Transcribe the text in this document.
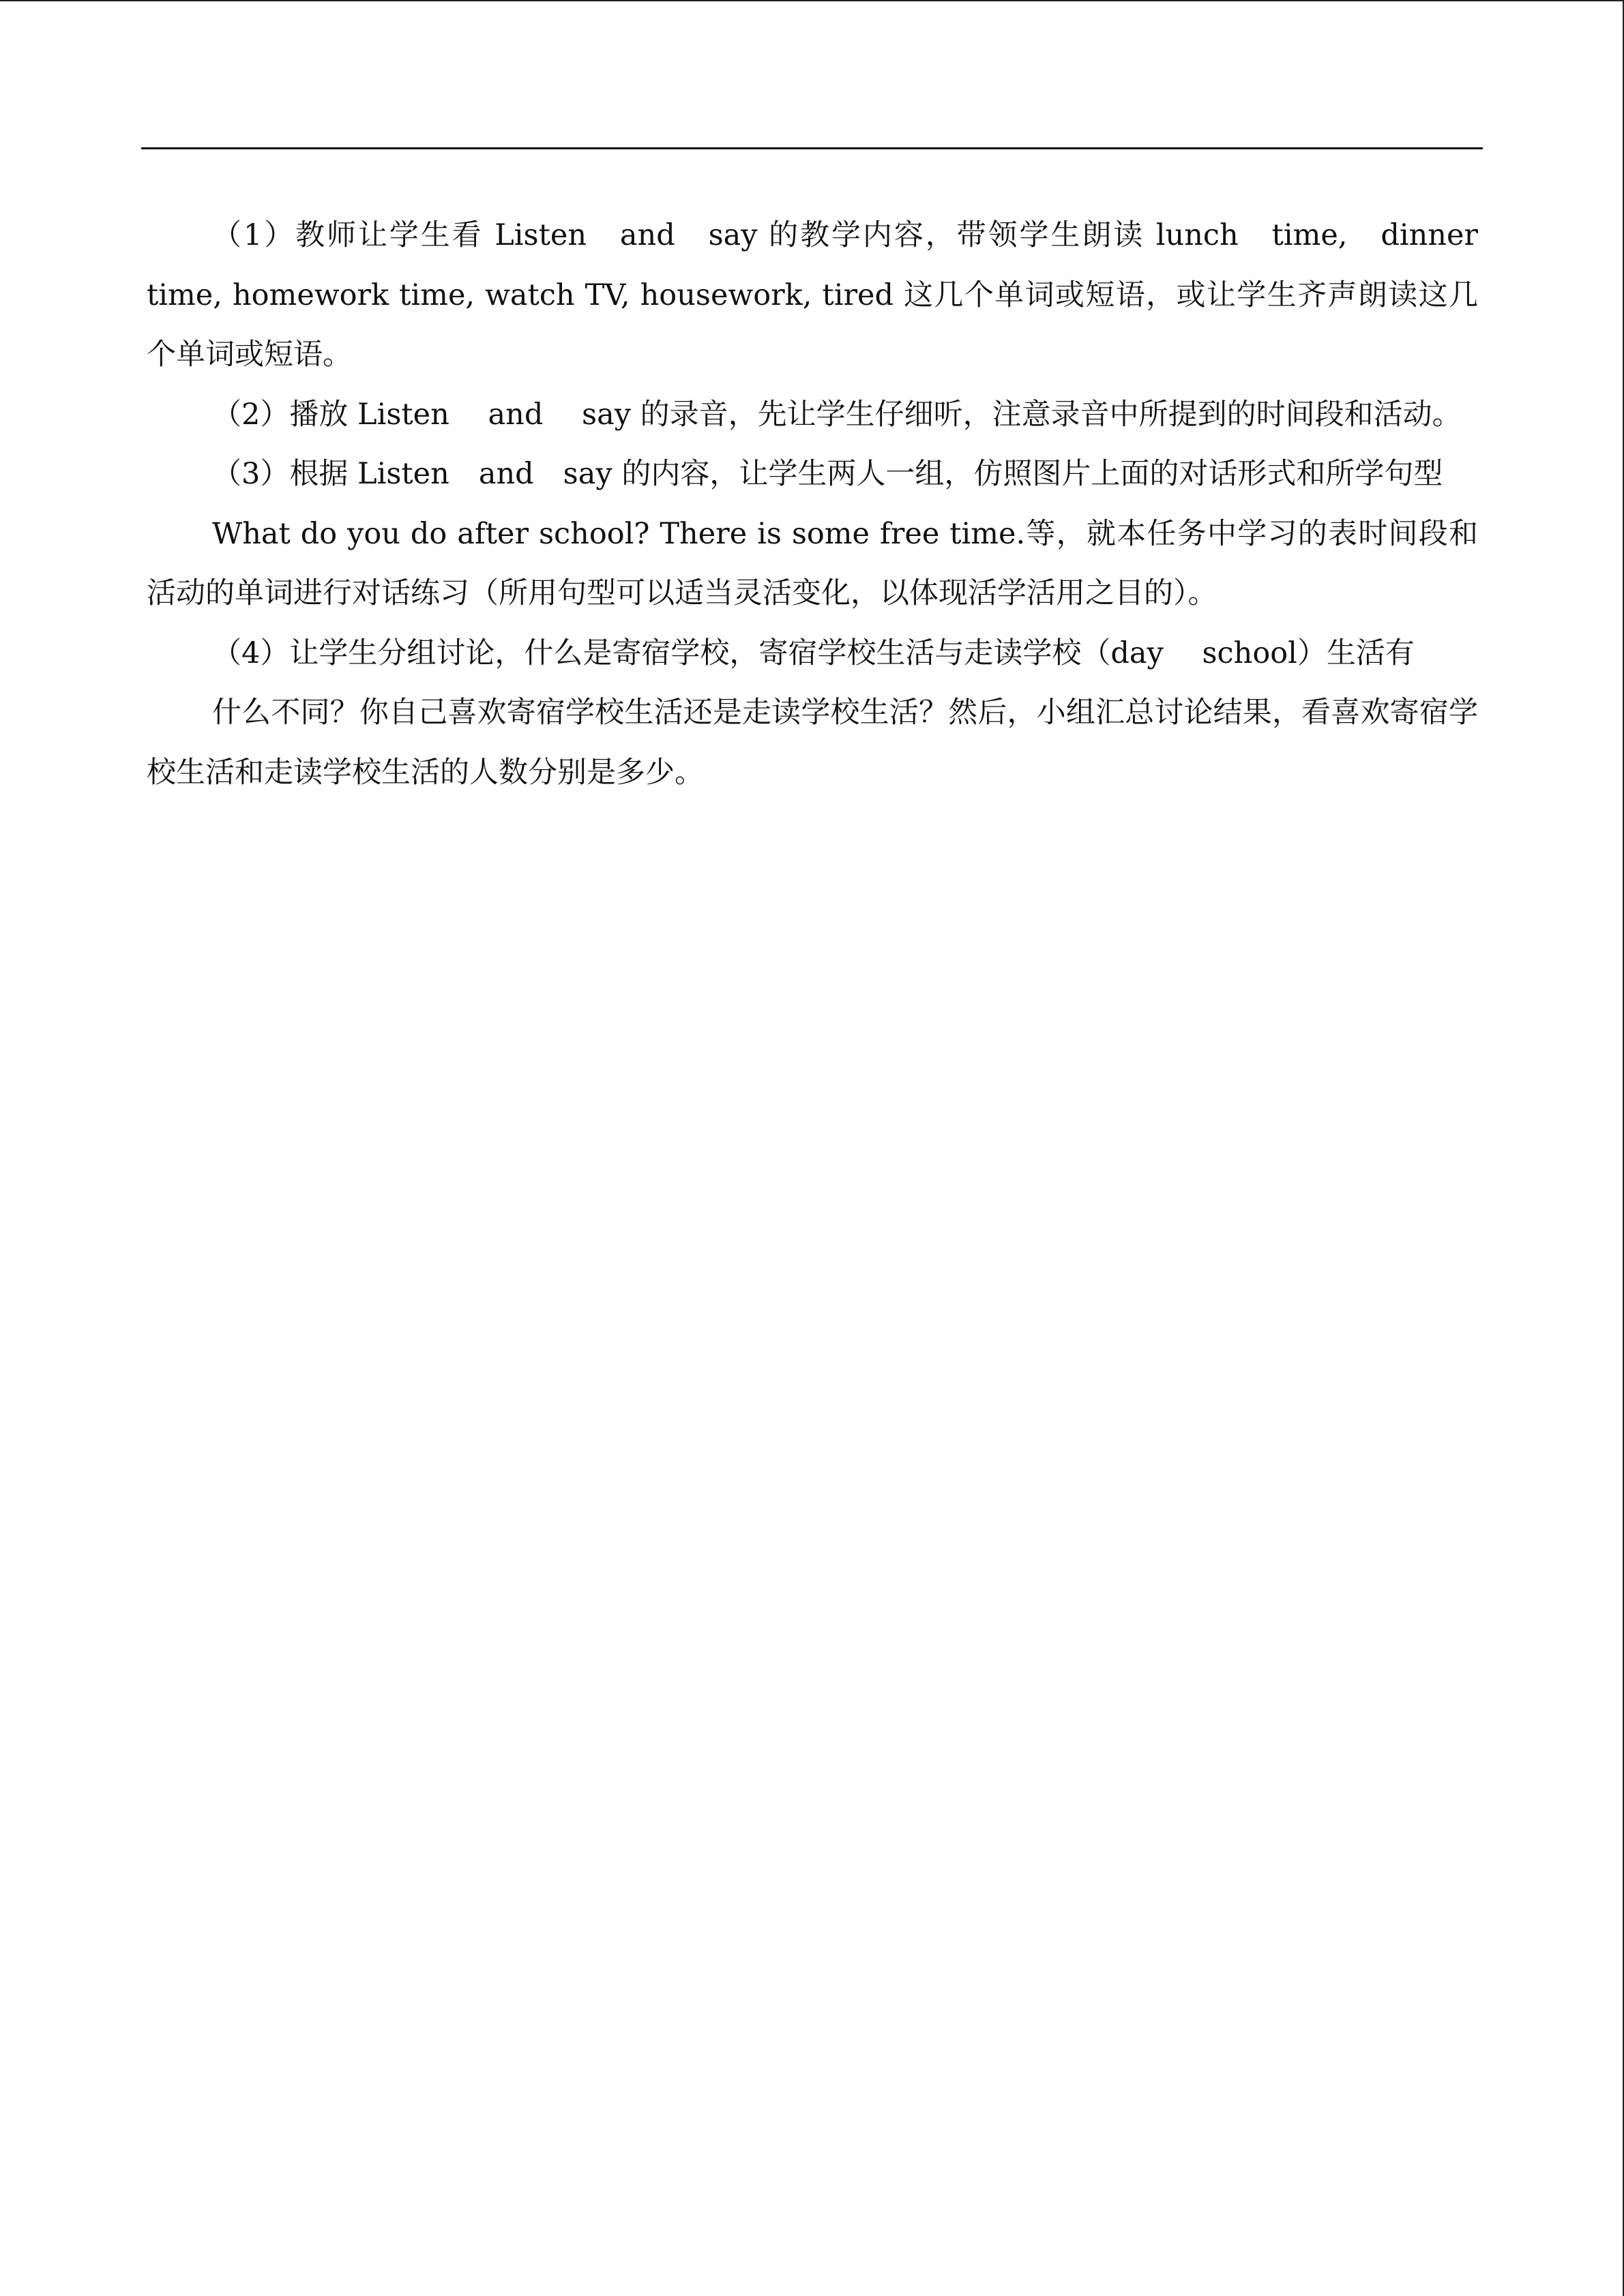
（1）教师让学生看 Listen　and　say 的教学内容，带领学生朗读 lunch　time,　dinner　time, homework time, watch TV, housework, tired 这几个单词或短语，或让学生齐声朗读这几个单词或短语。

（2）播放 Listen　 and　 say 的录音，先让学生仔细听，注意录音中所提到的时间段和活动。

（3）根据 Listen　and　say 的内容，让学生两人一组，仿照图片上面的对话形式和所学句型

What do you do after school? There is some free time.等，就本任务中学习的表时间段和活动的单词进行对话练习（所用句型可以适当灵活变化，以体现活学活用之目的）。

（4）让学生分组讨论，什么是寄宿学校，寄宿学校生活与走读学校（day　 school）生活有

什么不同？你自己喜欢寄宿学校生活还是走读学校生活？然后，小组汇总讨论结果，看喜欢寄宿学校生活和走读学校生活的人数分别是多少。
